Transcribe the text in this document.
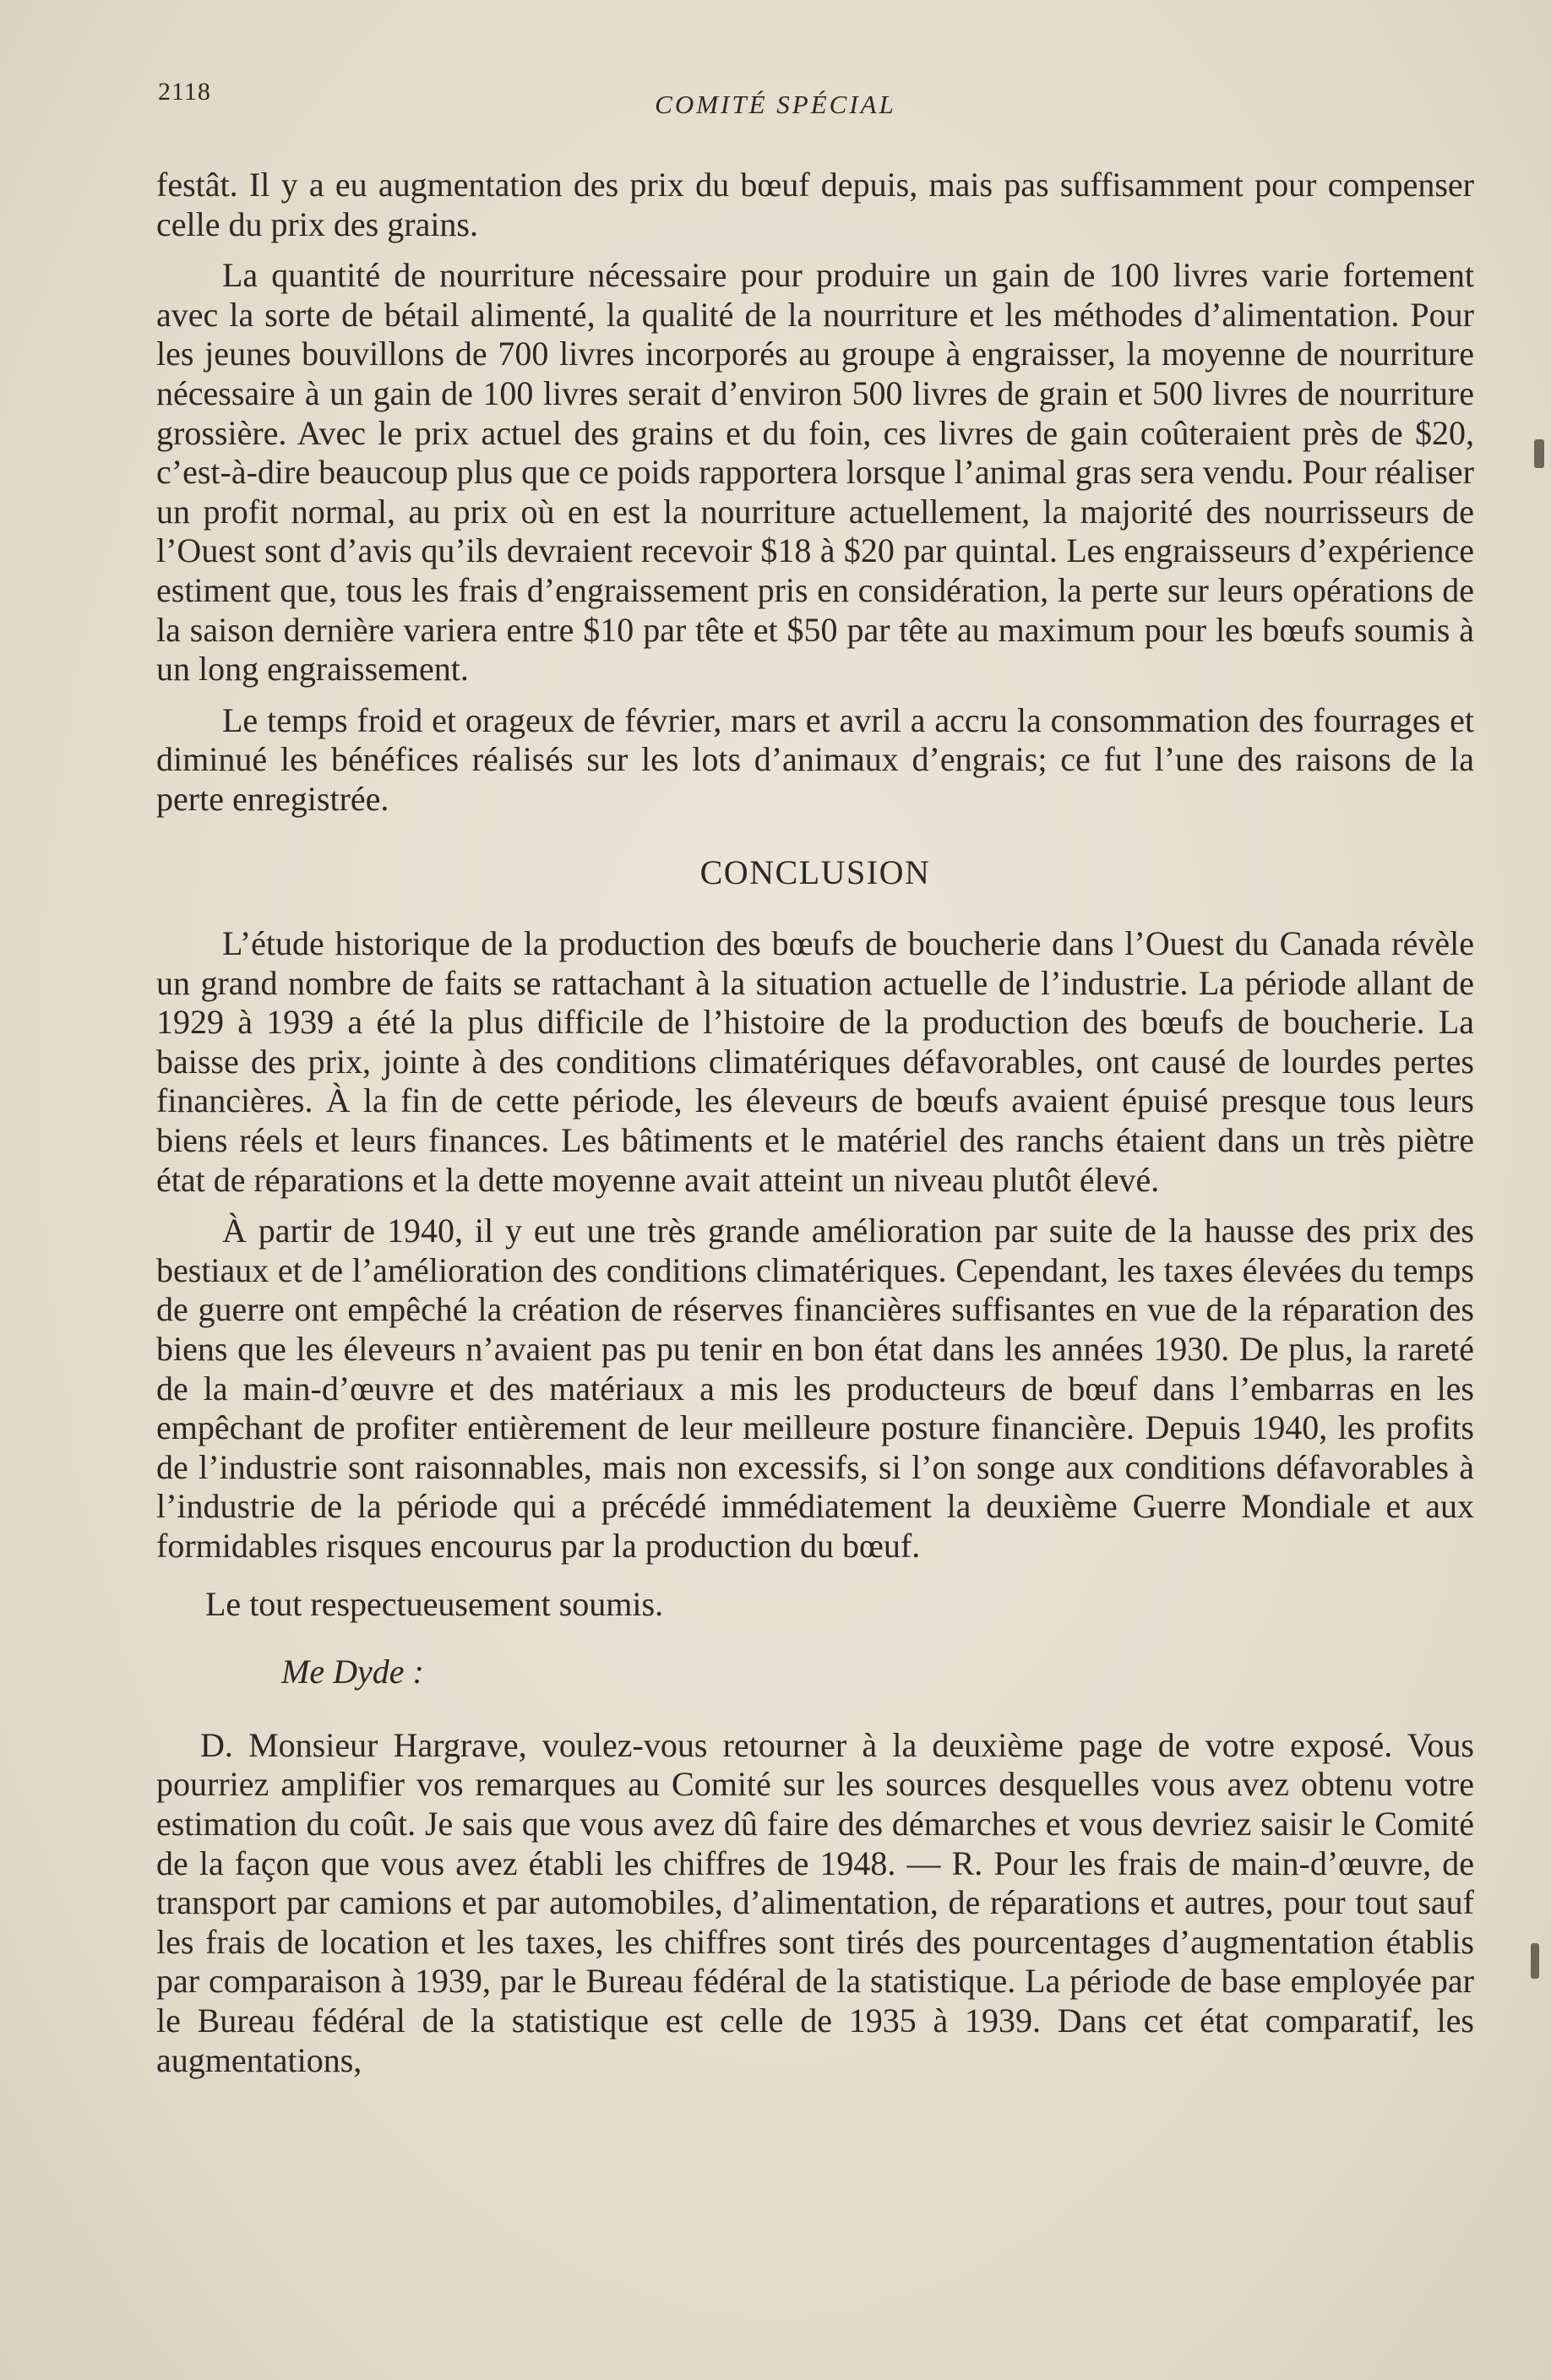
2118	COMITÉ SPÉCIAL

festât. Il y a eu augmentation des prix du bœuf depuis, mais pas suffisamment pour compenser celle du prix des grains.

La quantité de nourriture nécessaire pour produire un gain de 100 livres varie fortement avec la sorte de bétail alimenté, la qualité de la nourriture et les méthodes d’alimentation. Pour les jeunes bouvillons de 700 livres incorporés au groupe à engraisser, la moyenne de nourriture nécessaire à un gain de 100 livres serait d’environ 500 livres de grain et 500 livres de nourriture grossière. Avec le prix actuel des grains et du foin, ces livres de gain coûteraient près de $20, c’est-à-dire beaucoup plus que ce poids rapportera lorsque l’animal gras sera vendu. Pour réaliser un profit normal, au prix où en est la nourriture actuellement, la majorité des nourrisseurs de l’Ouest sont d’avis qu’ils devraient recevoir $18 à $20 par quintal. Les engraisseurs d’expérience estiment que, tous les frais d’engraissement pris en considération, la perte sur leurs opérations de la saison dernière variera entre $10 par tête et $50 par tête au maximum pour les bœufs soumis à un long engraissement.

Le temps froid et orageux de février, mars et avril a accru la consommation des fourrages et diminué les bénéfices réalisés sur les lots d’animaux d’engrais; ce fut l’une des raisons de la perte enregistrée.

CONCLUSION

L’étude historique de la production des bœufs de boucherie dans l’Ouest du Canada révèle un grand nombre de faits se rattachant à la situation actuelle de l’industrie. La période allant de 1929 à 1939 a été la plus difficile de l’histoire de la production des bœufs de boucherie. La baisse des prix, jointe à des conditions climatériques défavorables, ont causé de lourdes pertes financières. À la fin de cette période, les éleveurs de bœufs avaient épuisé presque tous leurs biens réels et leurs finances. Les bâtiments et le matériel des ranchs étaient dans un très piètre état de réparations et la dette moyenne avait atteint un niveau plutôt élevé.

À partir de 1940, il y eut une très grande amélioration par suite de la hausse des prix des bestiaux et de l’amélioration des conditions climatériques. Cependant, les taxes élevées du temps de guerre ont empêché la création de réserves financières suffisantes en vue de la réparation des biens que les éleveurs n’avaient pas pu tenir en bon état dans les années 1930. De plus, la rareté de la main-d’œuvre et des matériaux a mis les producteurs de bœuf dans l’embarras en les empêchant de profiter entièrement de leur meilleure posture financière. Depuis 1940, les profits de l’industrie sont raisonnables, mais non excessifs, si l’on songe aux conditions défavorables à l’industrie de la période qui a précédé immédiatement la deuxième Guerre Mondiale et aux formidables risques encourus par la production du bœuf.

Le tout respectueusement soumis.

Me Dyde :

D. Monsieur Hargrave, voulez-vous retourner à la deuxième page de votre exposé. Vous pourriez amplifier vos remarques au Comité sur les sources desquelles vous avez obtenu votre estimation du coût. Je sais que vous avez dû faire des démarches et vous devriez saisir le Comité de la façon que vous avez établi les chiffres de 1948. — R. Pour les frais de main-d’œuvre, de transport par camions et par automobiles, d’alimentation, de réparations et autres, pour tout sauf les frais de location et les taxes, les chiffres sont tirés des pourcentages d’augmentation établis par comparaison à 1939, par le Bureau fédéral de la statistique. La période de base employée par le Bureau fédéral de la statistique est celle de 1935 à 1939. Dans cet état comparatif, les augmentations,
